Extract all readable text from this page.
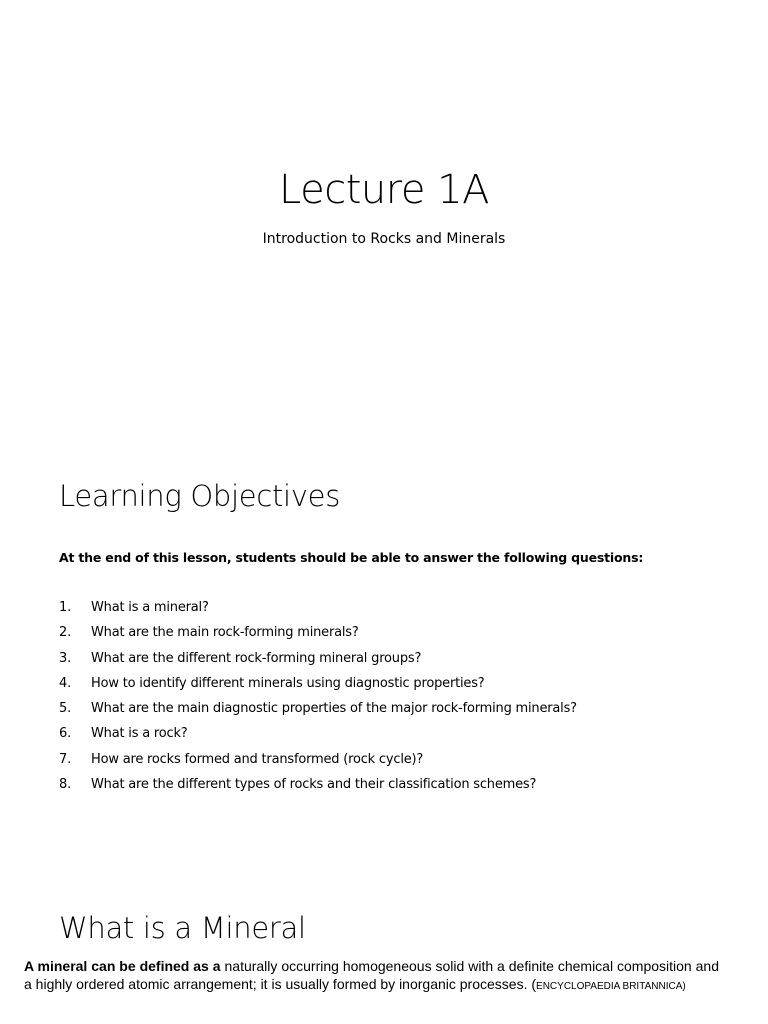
Lecture 1A
Introduction to Rocks and Minerals
Learning Objectives
At the end of this lesson, students should be able to answer the following questions:
1. What is a mineral?
2. What are the main rock-forming minerals?
3. What are the different rock-forming mineral groups?
4. How to identify different minerals using diagnostic properties?
5. What are the main diagnostic properties of the major rock-forming minerals?
6. What is a rock?
7. How are rocks formed and transformed (rock cycle)?
8. What are the different types of rocks and their classification schemes?
What is a Mineral
A mineral can be defined as a naturally occurring homogeneous solid with a definite chemical composition and a highly ordered atomic arrangement; it is usually formed by inorganic processes. (ENCYCLOPAEDIA BRITANNICA)
